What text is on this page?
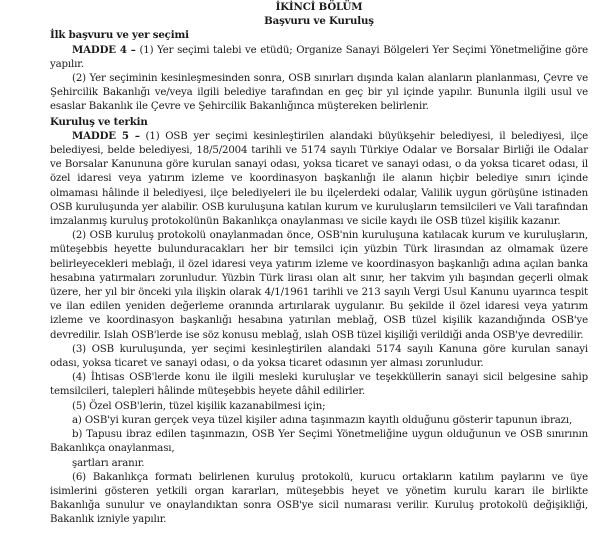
İKİNCİ BÖLÜM

Başvuru ve Kuruluş

İlk başvuru ve yer seçimi

MADDE 4 – (1) Yer seçimi talebi ve etüdü; Organize Sanayi Bölgeleri Yer Seçimi Yönetmeliğine göre yapılır.

(2) Yer seçiminin kesinleşmesinden sonra, OSB sınırları dışında kalan alanların planlanması, Çevre ve Şehircilik Bakanlığı ve/veya ilgili belediye tarafından en geç bir yıl içinde yapılır. Bununla ilgili usul ve esaslar Bakanlık ile Çevre ve Şehircilik Bakanlığınca müştereken belirlenir.

Kuruluş ve terkin

MADDE 5 – (1) OSB yer seçimi kesinleştirilen alandaki büyükşehir belediyesi, il belediyesi, ilçe belediyesi, belde belediyesi, 18/5/2004 tarihli ve 5174 sayılı Türkiye Odalar ve Borsalar Birliği ile Odalar ve Borsalar Kanununa göre kurulan sanayi odası, yoksa ticaret ve sanayi odası, o da yoksa ticaret odası, il özel idaresi veya yatırım izleme ve koordinasyon başkanlığı ile alanın hiçbir belediye sınırı içinde olmaması hâlinde il belediyesi, ilçe belediyeleri ile bu ilçelerdeki odalar, Valilik uygun görüşüne istinaden OSB kuruluşunda yer alabilir. OSB kuruluşuna katılan kurum ve kuruluşların temsilcileri ve Vali tarafından imzalanmış kuruluş protokolünün Bakanlıkça onaylanması ve sicile kaydı ile OSB tüzel kişilik kazanır.

(2) OSB kuruluş protokolü onaylanmadan önce, OSB'nin kuruluşuna katılacak kurum ve kuruluşların, müteşebbis heyette bulunduracakları her bir temsilci için yüzbin Türk lirasından az olmamak üzere belirleyecekleri meblağı, il özel idaresi veya yatırım izleme ve koordinasyon başkanlığı adına açılan banka hesabına yatırmaları zorunludur. Yüzbin Türk lirası olan alt sınır, her takvim yılı başından geçerli olmak üzere, her yıl bir önceki yıla ilişkin olarak 4/1/1961 tarihli ve 213 sayılı Vergi Usul Kanunu uyarınca tespit ve ilan edilen yeniden değerleme oranında artırılarak uygulanır. Bu şekilde il özel idaresi veya yatırım izleme ve koordinasyon başkanlığı hesabına yatırılan meblağ, OSB tüzel kişilik kazandığında OSB'ye devredilir. Islah OSB'lerde ise söz konusu meblağ, ıslah OSB tüzel kişiliği verildiği anda OSB'ye devredilir.

(3) OSB kuruluşunda, yer seçimi kesinleştirilen alandaki 5174 sayılı Kanuna göre kurulan sanayi odası, yoksa ticaret ve sanayi odası, o da yoksa ticaret odasının yer alması zorunludur.

(4) İhtisas OSB'lerde konu ile ilgili mesleki kuruluşlar ve teşekküllerin sanayi sicil belgesine sahip temsilcileri, talepleri hâlinde müteşebbis heyete dâhil edilirler.

(5) Özel OSB'lerin, tüzel kişilik kazanabilmesi için;

a) OSB'yi kuran gerçek veya tüzel kişiler adına taşınmazın kayıtlı olduğunu gösterir tapunun ibrazı,

b) Tapusu ibraz edilen taşınmazın, OSB Yer Seçimi Yönetmeliğine uygun olduğunun ve OSB sınırının Bakanlıkça onaylanması,

şartları aranır.

(6) Bakanlıkça formatı belirlenen kuruluş protokolü, kurucu ortakların katılım paylarını ve üye isimlerini gösteren yetkili organ kararları, müteşebbis heyet ve yönetim kurulu kararı ile birlikte Bakanlığa sunulur ve onaylandıktan sonra OSB'ye sicil numarası verilir. Kuruluş protokolü değişikliği, Bakanlık izniyle yapılır.
